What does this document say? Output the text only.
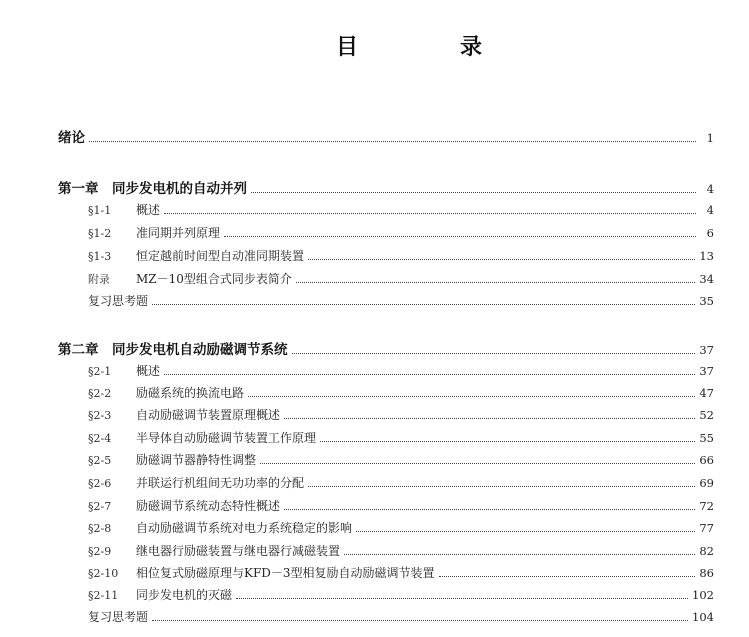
目　录
绪论	1
第一章　同步发电机的自动并列	4
§1-1	概述	4
§1-2	准同期并列原理	6
§1-3	恒定越前时间型自动准同期装置	13
附录	MZ－10型组合式同步表简介	34
复习思考题	35
第二章　同步发电机自动励磁调节系统	37
§2-1	概述	37
§2-2	励磁系统的换流电路	47
§2-3	自动励磁调节装置原理概述	52
§2-4	半导体自动励磁调节装置工作原理	55
§2-5	励磁调节器静特性调整	66
§2-6	并联运行机组间无功功率的分配	69
§2-7	励磁调节系统动态特性概述	72
§2-8	自动励磁调节系统对电力系统稳定的影响	77
§2-9	继电器行励磁装置与继电器行减磁装置	82
§2-10	相位复式励磁原理与KFD－3型相复励自动励磁调节装置	86
§2-11	同步发电机的灭磁	102
复习思考题	104
